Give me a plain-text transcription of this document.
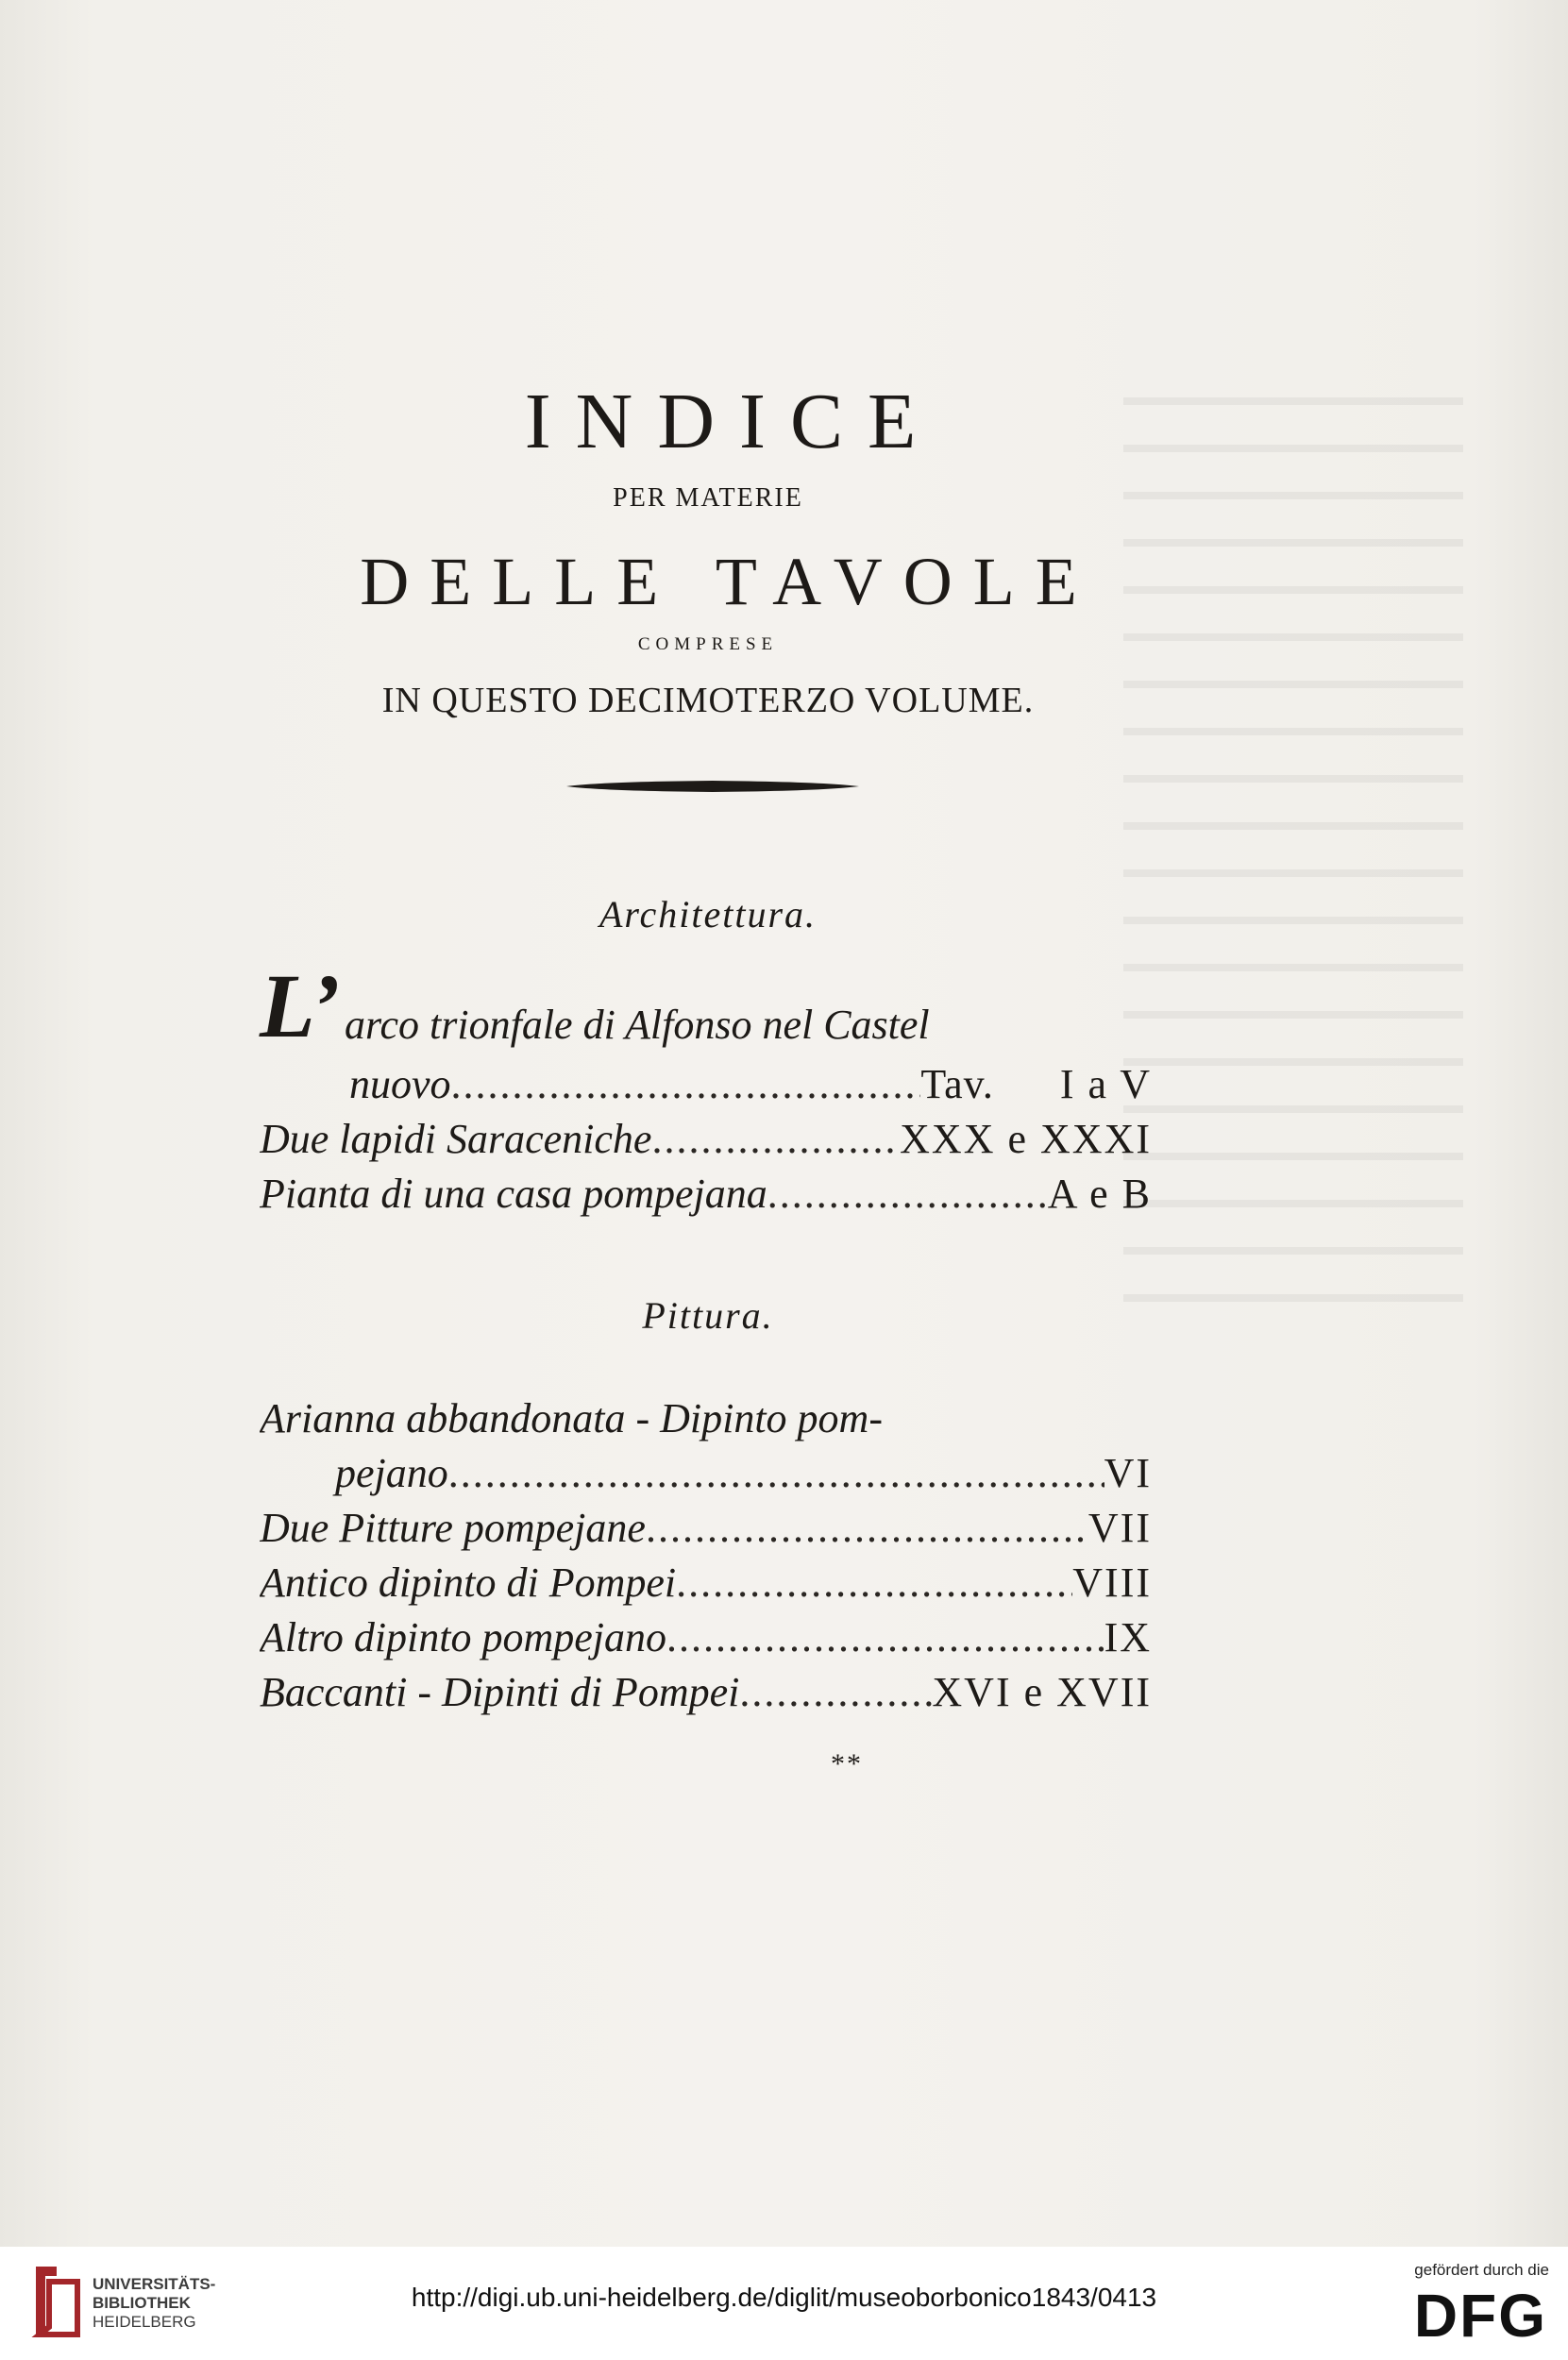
INDICE
PER MATERIE
DELLE TAVOLE
COMPRESE
IN QUESTO DECIMOTERZO VOLUME.
Architettura.
L’ arco trionfale di Alfonso nel Castel
nuovo .....	Tav. I a V
Due lapidi Saraceniche .....	XXX e XXXI
Pianta di una casa pompejana .....	A e B
Pittura.
Arianna abbandonata - Dipinto pom-
pejano .....	VI
Due Pitture pompejane .....	VII
Antico dipinto di Pompei .....	VIII
Altro dipinto pompejano .....	IX
Baccanti - Dipinti di Pompei .....	XVI e XVII
**
UNIVERSITÄTS-
BIBLIOTHEK
HEIDELBERG
http://digi.ub.uni-heidelberg.de/diglit/museoborbonico1843/0413
gefördert durch die
DFG
